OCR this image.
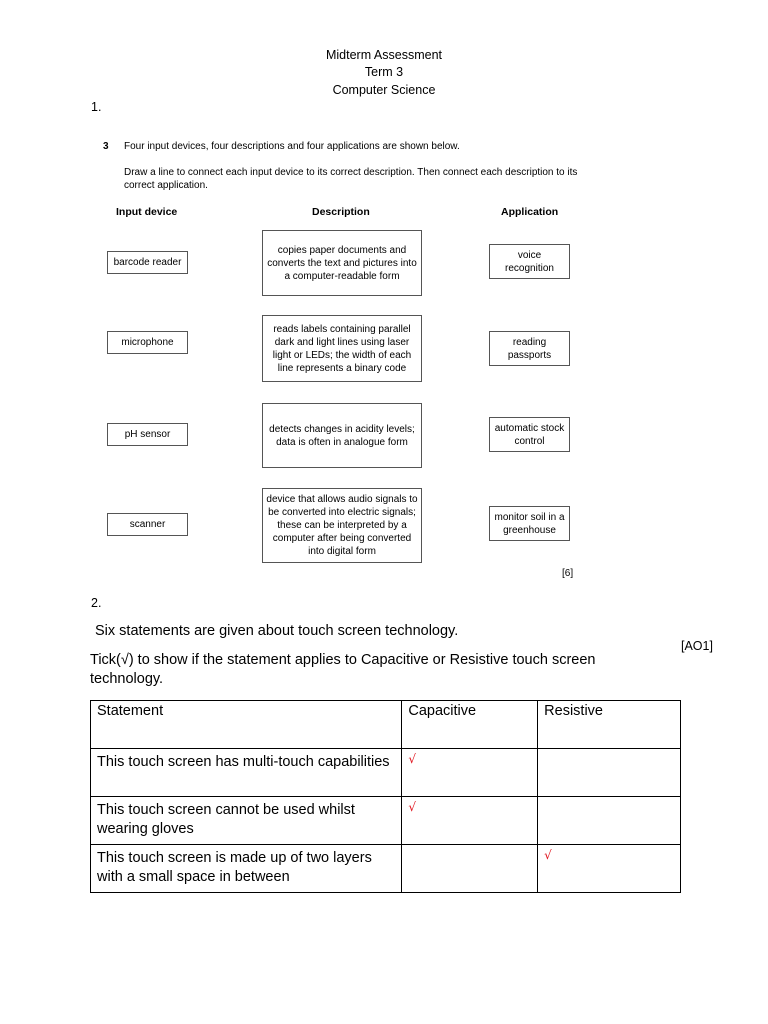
Midterm Assessment
Term 3
Computer Science
1.
3 Four input devices, four descriptions and four applications are shown below.
Draw a line to connect each input device to its correct description. Then connect each description to its correct application.
Input device	Description	Application
barcode reader
microphone
pH sensor
scanner
copies paper documents and converts the text and pictures into a computer-readable form
reads labels containing parallel dark and light lines using laser light or LEDs; the width of each line represents a binary code
detects changes in acidity levels; data is often in analogue form
device that allows audio signals to be converted into electric signals; these can be interpreted by a computer after being converted into digital form
voice recognition
reading passports
automatic stock control
monitor soil in a greenhouse
[6]
2.
Six statements are given about touch screen technology.
[AO1]
Tick(√) to show if the statement applies to Capacitive or Resistive touch screen technology.
Statement	Capacitive	Resistive
This touch screen has multi-touch capabilities	√	
This touch screen cannot be used whilst wearing gloves	√	
This touch screen is made up of two layers with a small space in between		√
